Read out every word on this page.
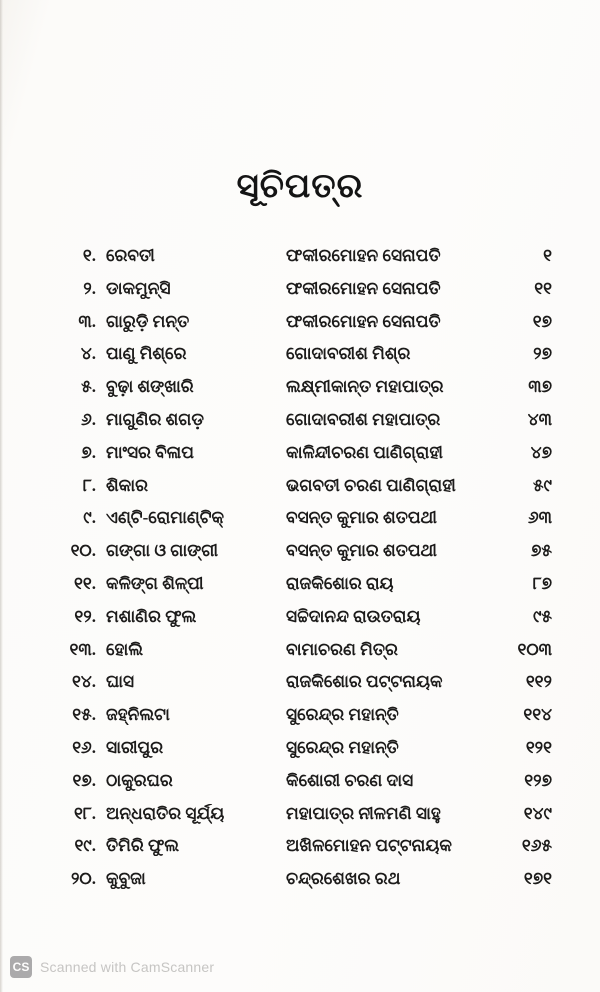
ସୂଚିପତ୍ର
୧. ରେବତୀ	ଫକୀରମୋହନ ସେନାପତି	୧
୨. ଡାକମୁନ୍‌ସି	ଫକୀରମୋହନ ସେନାପତି	୧୧
୩. ଗାରୁଡ଼ି ମନ୍ତ	ଫକୀରମୋହନ ସେନାପତି	୧୭
୪. ପାଣୁ ମିଶ୍ରେ	ଗୋଦାବରୀଶ ମିଶ୍ର	୨୭
୫. ବୁଢ଼ା ଶଙ୍ଖାରି	ଲକ୍ଷ୍ମୀକାନ୍ତ ମହାପାତ୍ର	୩୭
୬. ମାଗୁଣିର ଶଗଡ଼	ଗୋଦାବରୀଶ ମହାପାତ୍ର	୪୩
୭. ମାଂସର ବିଳାପ	କାଳିନ୍ଦୀଚରଣ ପାଣିଗ୍ରାହୀ	୪୭
୮. ଶିକାର	ଭଗବତୀ ଚରଣ ପାଣିଗ୍ରାହୀ	୫୯
୯. ଏଣ୍ଟି-ରୋମାଣ୍ଟିକ୍	ବସନ୍ତ କୁମାର ଶତପଥୀ	୬୩
୧୦. ଗଙ୍ଗା ଓ ଗାଙ୍ଗୀ	ବସନ୍ତ କୁମାର ଶତପଥୀ	୭୫
୧୧. କଳିଙ୍ଗ ଶିଳ୍ପୀ	ରାଜକିଶୋର ରାୟ	୮୭
୧୨. ମଶାଣିର ଫୁଲ	ସଚ୍ଚିଦାନନ୍ଦ ରାଉତରାୟ	୯୫
୧୩. ହୋଲି	ବାମାଚରଣ ମିତ୍ର	୧୦୩
୧୪. ଘାସ	ରାଜକିଶୋର ପଟ୍ଟନାୟକ	୧୧୨
୧୫. ଜହ୍ନିଲଟା	ସୁରେନ୍ଦ୍ର ମହାନ୍ତି	୧୧୪
୧୬. ସାରୀପୁର	ସୁରେନ୍ଦ୍ର ମହାନ୍ତି	୧୨୧
୧୭. ଠାକୁରଘର	କିଶୋରୀ ଚରଣ ଦାସ	୧୨୭
୧୮. ଅନ୍ଧରାତିର ସୂର୍ଯ୍ୟ	ମହାପାତ୍ର ନୀଳମଣି ସାହୁ	୧୪୯
୧୯. ତିମିରି ଫୁଲ	ଅଖିଳମୋହନ ପଟ୍ଟନାୟକ	୧୬୫
୨୦. କୁବୁଜା	ଚନ୍ଦ୍ରଶେଖର ରଥ	୧୭୧
CS Scanned with CamScanner
